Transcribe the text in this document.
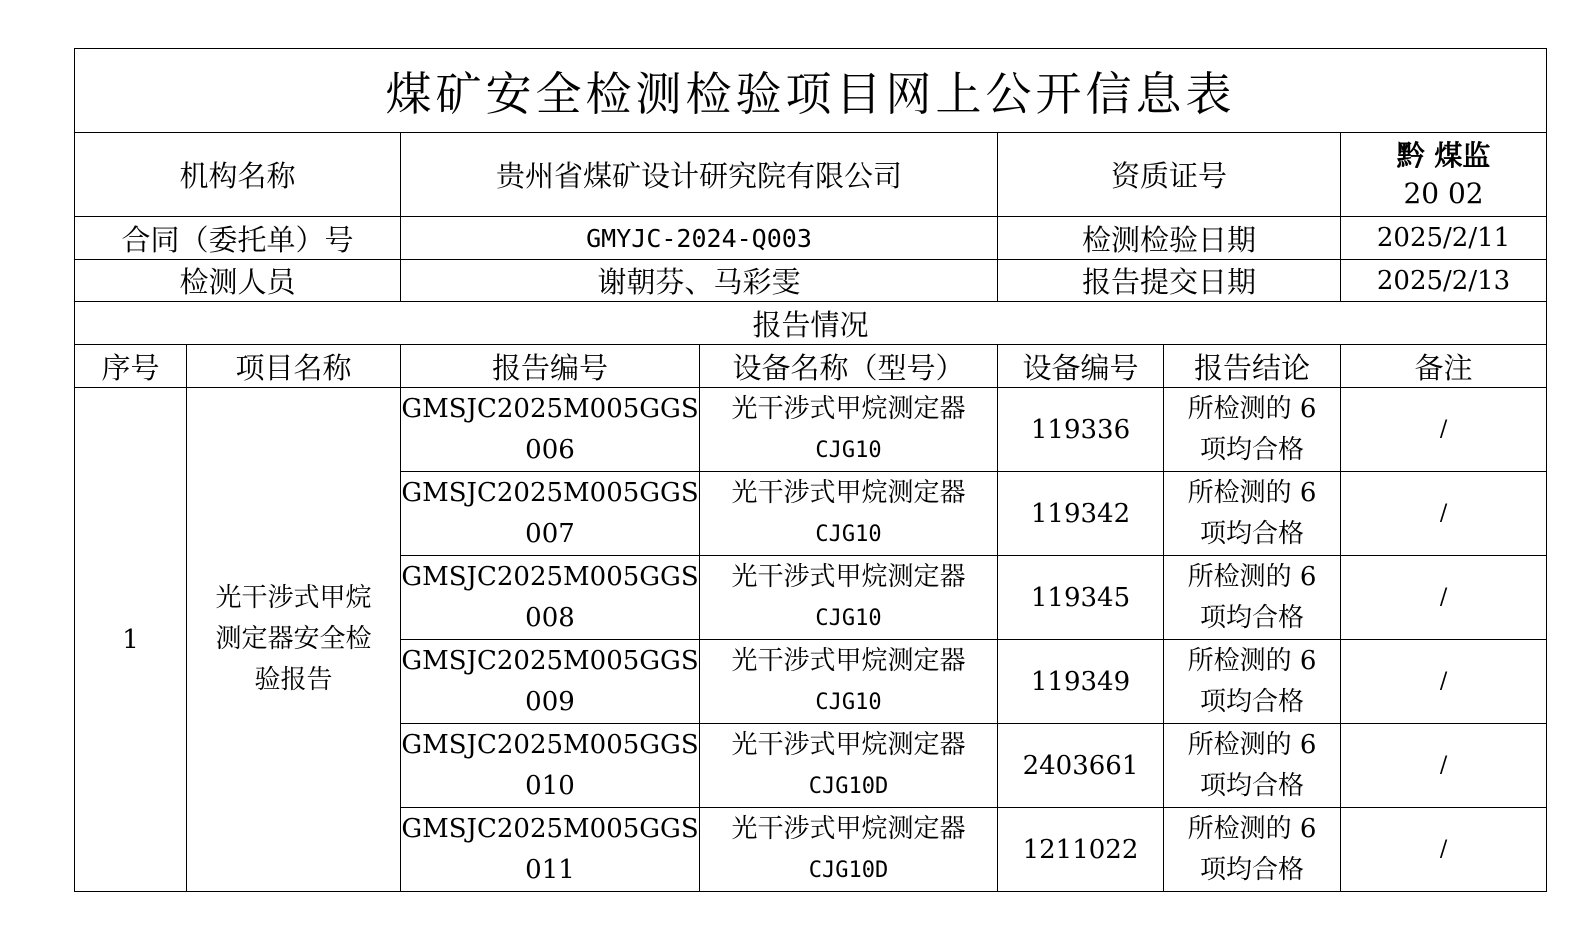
煤矿安全检测检验项目网上公开信息表						
机构名称		贵州省煤矿设计研究院有限公司		资质证号		黔 煤监
20 02

合同（委托单）号		GMYJC-2024-Q003		检测检验日期		2025/2/11
检测人员		谢朝芬、马彩雯		报告提交日期		2025/2/13
报告情况						
序号	项目名称	报告编号	设备名称（型号）	设备编号	报告结论	备注
1	光干涉式甲烷
测定器安全检
验报告	GMSJC2025M005GGS
006	光干涉式甲烷测定器
CJG10	119336	所检测的 6
项均合格	/

		GMSJC2025M005GGS
007	光干涉式甲烷测定器
CJG10	119342	所检测的 6
项均合格	/

		GMSJC2025M005GGS
008	光干涉式甲烷测定器
CJG10	119345	所检测的 6
项均合格	/

		GMSJC2025M005GGS
009	光干涉式甲烷测定器
CJG10	119349	所检测的 6
项均合格	/

		GMSJC2025M005GGS
010	光干涉式甲烷测定器
CJG10D	2403661	所检测的 6
项均合格	/

		GMSJC2025M005GGS
011	光干涉式甲烷测定器
CJG10D	1211022	所检测的 6
项均合格	/
